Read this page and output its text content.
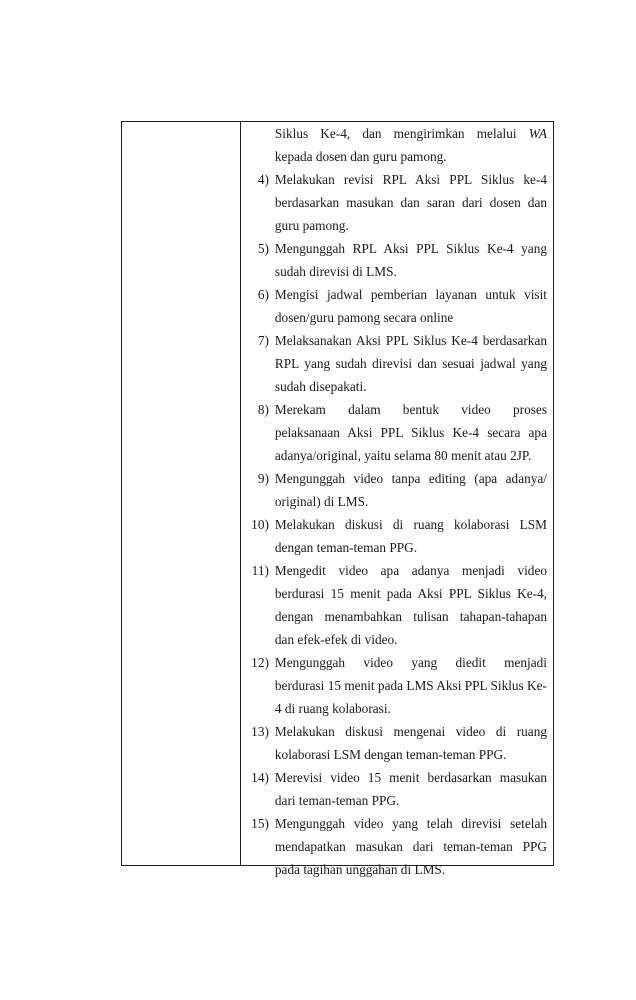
Siklus Ke-4, dan mengirimkan melalui WA
kepada dosen dan guru pamong.
4) Melakukan revisi RPL Aksi PPL Siklus ke-4
berdasarkan masukan dan saran dari dosen dan
guru pamong.
5) Mengunggah RPL Aksi PPL Siklus Ke-4 yang
sudah direvisi di LMS.
6) Mengisi jadwal pemberian layanan untuk visit
dosen/guru pamong secara online
7) Melaksanakan Aksi PPL Siklus Ke-4 berdasarkan
RPL yang sudah direvisi dan sesuai jadwal yang
sudah disepakati.
8) Merekam dalam bentuk video proses
pelaksanaan Aksi PPL Siklus Ke-4 secara apa
adanya/original, yaitu selama 80 menit atau 2JP.
9) Mengunggah video tanpa editing (apa adanya/
original) di LMS.
10) Melakukan diskusi di ruang kolaborasi LSM
dengan teman-teman PPG.
11) Mengedit video apa adanya menjadi video
berdurasi 15 menit pada Aksi PPL Siklus Ke-4,
dengan menambahkan tulisan tahapan-tahapan
dan efek-efek di video.
12) Mengunggah video yang diedit menjadi
berdurasi 15 menit pada LMS Aksi PPL Siklus Ke-
4 di ruang kolaborasi.
13) Melakukan diskusi mengenai video di ruang
kolaborasi LSM dengan teman-teman PPG.
14) Merevisi video 15 menit berdasarkan masukan
dari teman-teman PPG.
15) Mengunggah video yang telah direvisi setelah
mendapatkan masukan dari teman-teman PPG
pada tagihan unggahan di LMS.
